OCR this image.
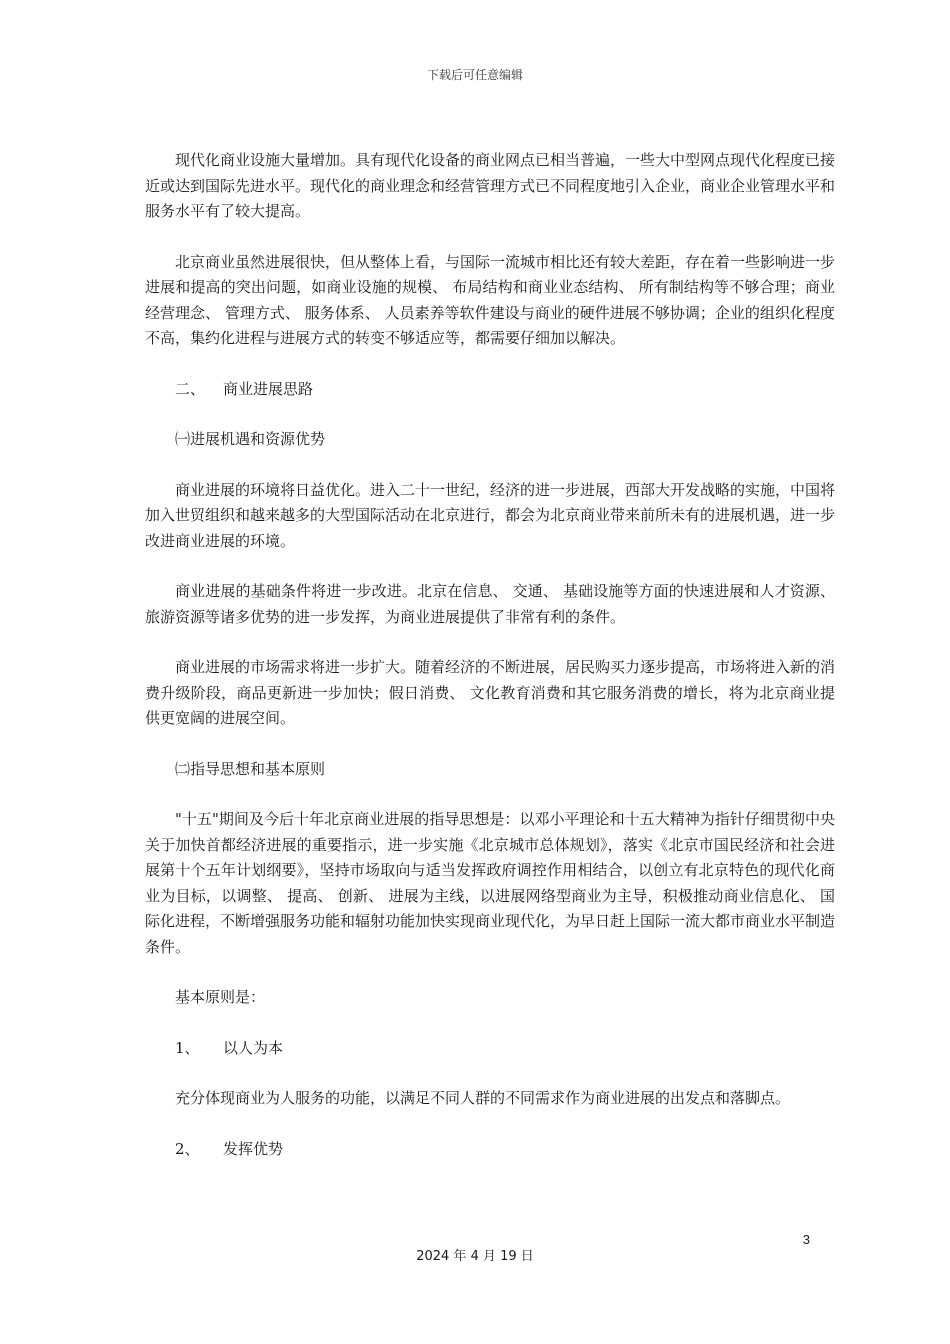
下载后可任意编辑

现代化商业设施大量增加。具有现代化设备的商业网点已相当普遍，一些大中型网点现代化程度已接近或达到国际先进水平。现代化的商业理念和经营管理方式已不同程度地引入企业，商业企业管理水平和服务水平有了较大提高。

北京商业虽然进展很快，但从整体上看，与国际一流城市相比还有较大差距，存在着一些影响进一步进展和提高的突出问题，如商业设施的规模、 布局结构和商业业态结构、 所有制结构等不够合理；商业经营理念、 管理方式、 服务体系、 人员素养等软件建设与商业的硬件进展不够协调；企业的组织化程度不高，集约化进程与进展方式的转变不够适应等，都需要仔细加以解决。

二、 商业进展思路
㈠进展机遇和资源优势

商业进展的环境将日益优化。进入二十一世纪，经济的进一步进展，西部大开发战略的实施，中国将加入世贸组织和越来越多的大型国际活动在北京进行，都会为北京商业带来前所未有的进展机遇，进一步改进商业进展的环境。

商业进展的基础条件将进一步改进。北京在信息、 交通、 基础设施等方面的快速进展和人才资源、 旅游资源等诸多优势的进一步发挥，为商业进展提供了非常有利的条件。

商业进展的市场需求将进一步扩大。随着经济的不断进展，居民购买力逐步提高，市场将进入新的消费升级阶段，商品更新进一步加快；假日消费、 文化教育消费和其它服务消费的增长，将为北京商业提供更宽阔的进展空间。

㈡指导思想和基本原则

"十五"期间及今后十年北京商业进展的指导思想是：以邓小平理论和十五大精神为指针仔细贯彻中央关于加快首都经济进展的重要指示，进一步实施《北京城市总体规划》，落实《北京市国民经济和社会进展第十个五年计划纲要》，坚持市场取向与适当发挥政府调控作用相结合，以创立有北京特色的现代化商业为目标，以调整、 提高、 创新、 进展为主线，以进展网络型商业为主导，积极推动商业信息化、 国际化进程，不断增强服务功能和辐射功能加快实现商业现代化，为早日赶上国际一流大都市商业水平制造条件。

基本原则是：

1、 以人为本

充分体现商业为人服务的功能，以满足不同人群的不同需求作为商业进展的出发点和落脚点。

2、 发挥优势
3
2024 年 4 月 19 日
